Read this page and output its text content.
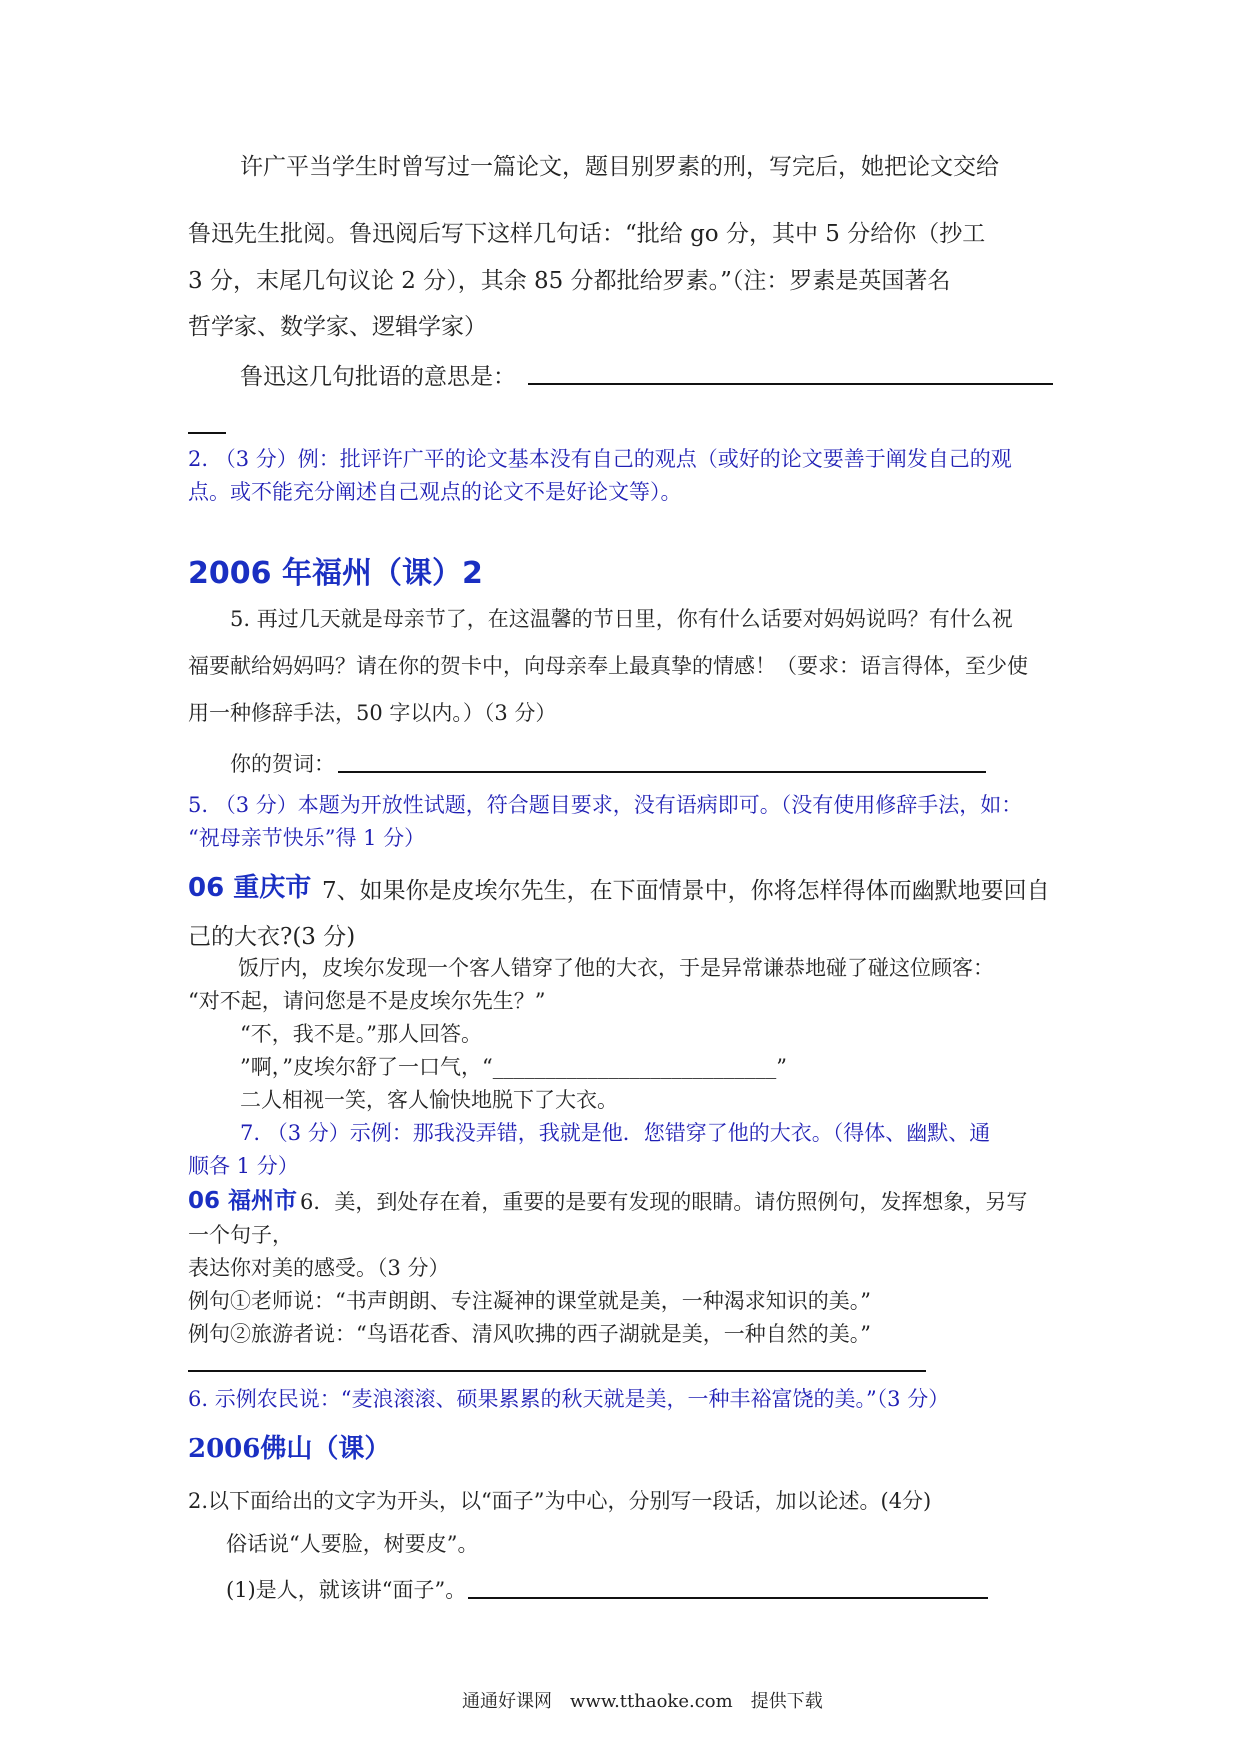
许广平当学生时曾写过一篇论文，题目别罗素的刑，写完后，她把论文交给

鲁迅先生批阅。鲁迅阅后写下这样几句话：“批给 go 分，其中 5 分给你（抄工

3 分，末尾几句议论 2 分），其余 85 分都批给罗素。”（注：罗素是英国著名

哲学家、数学家、逻辑学家）

鲁迅这几句批语的意思是：

2. （3 分）例：批评许广平的论文基本没有自己的观点（或好的论文要善于阐发自己的观

点。或不能充分阐述自己观点的论文不是好论文等）。

2006 年福州（课）2

5. 再过几天就是母亲节了，在这温馨的节日里，你有什么话要对妈妈说吗？有什么祝

福要献给妈妈吗？请在你的贺卡中，向母亲奉上最真挚的情感！（要求：语言得体，至少使

用一种修辞手法，50 字以内。）（3 分）

你的贺词：

5. （3 分）本题为开放性试题，符合题目要求，没有语病即可。（没有使用修辞手法，如：

“祝母亲节快乐”得 1 分）

06 重庆市 7、如果你是皮埃尔先生，在下面情景中，你将怎样得体而幽默地要回自

己的大衣?(3 分)

饭厅内，皮埃尔发现一个客人错穿了他的大衣，于是异常谦恭地碰了碰这位顾客：

“对不起，请问您是不是皮埃尔先生？”

“不，我不是。”那人回答。

”啊，”皮埃尔舒了一口气，“___________________________”

二人相视一笑，客人愉快地脱下了大衣。

7. （3 分）示例：那我没弄错，我就是他．您错穿了他的大衣。（得体、幽默、通

顺各 1 分）

06 福州市 6．美，到处存在着，重要的是要有发现的眼睛。请仿照例句，发挥想象，另写

一个句子，

表达你对美的感受。（3 分）

例句①老师说：“书声朗朗、专注凝神的课堂就是美，一种渴求知识的美。”

例句②旅游者说：“鸟语花香、清风吹拂的西子湖就是美，一种自然的美。”

6. 示例农民说：“麦浪滚滚、硕果累累的秋天就是美，一种丰裕富饶的美。”（3 分）

2006佛山（课）

2.以下面给出的文字为开头，以“面子”为中心，分别写一段话，加以论述。(4分)

俗话说“人要脸，树要皮”。

(1)是人，就该讲“面子”。

通通好课网　www.tthaoke.com　提供下载
